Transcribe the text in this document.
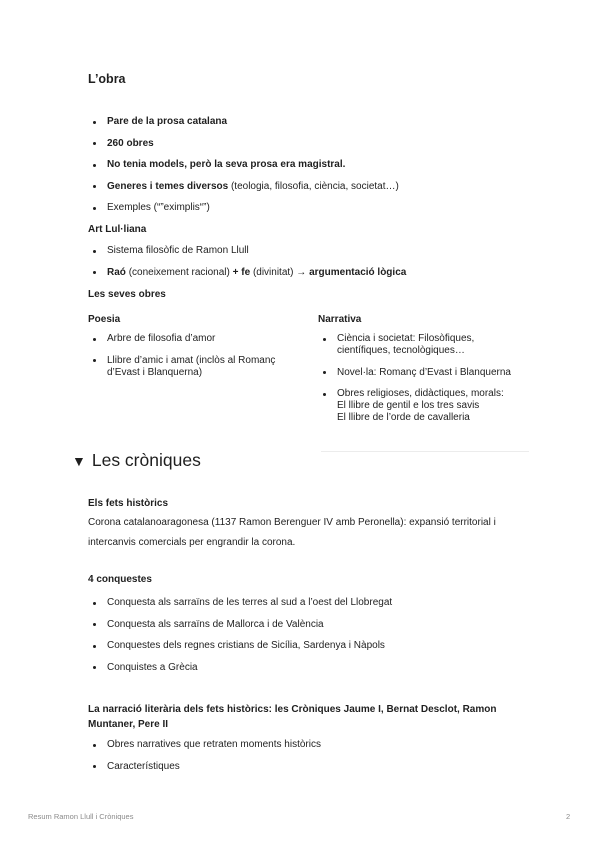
L’obra
Pare de la prosa catalana
260 obres
No tenia models, però la seva prosa era magistral.
Generes i temes diversos (teologia, filosofia, ciència, societat…)
Exemples (“”eximplis“”)
Art Lul·liana
Sistema filosòfic de Ramon Llull
Raó (coneixement racional) + fe (divinitat) → argumentació lògica
Les seves obres
Poesia
Arbre de filosofia d’amor
Llibre d’amic i amat (inclòs al Romanç
d’Evast i Blanquerna)
Narrativa
Ciència i societat: Filosòfiques,
científiques, tecnològiques…
Novel·la: Romanç d’Evast i Blanquerna
Obres religioses, didàctiques, morals:
El llibre de gentil e los tres savis
El llibre de l’orde de cavalleria
▼ Les cròniques
Els fets històrics
Corona catalanoaragonesa (1137 Ramon Berenguer IV amb Peronella): expansió territorial i
intercanvis comercials per engrandir la corona.
4 conquestes
Conquesta als sarraïns de les terres al sud a l’oest del Llobregat
Conquesta als sarraïns de Mallorca i de València
Conquestes dels regnes cristians de Sicília, Sardenya i Nàpols
Conquistes a Grècia
La narració literària dels fets històrics: les Cròniques Jaume I, Bernat Desclot, Ramon
Muntaner, Pere II
Obres narratives que retraten moments històrics
Característiques
Resum Ramon Llull i Cròniques	2
